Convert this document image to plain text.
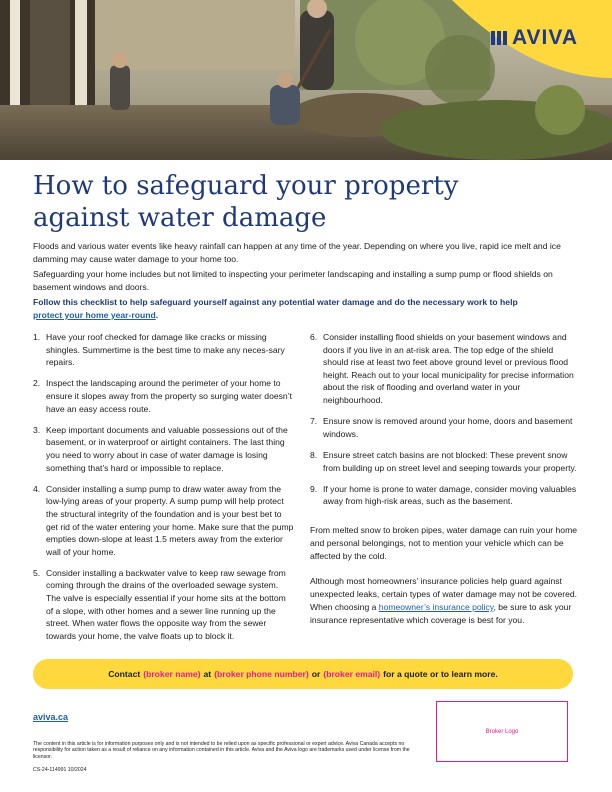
AVIVA
How to safeguard your property against water damage

Floods and various water events like heavy rainfall can happen at any time of the year. Depending on where you live, rapid ice melt and ice damming may cause water damage to your home too.

Safeguarding your home includes but not limited to inspecting your perimeter landscaping and installing a sump pump or flood shields on basement windows and doors.

Follow this checklist to help safeguard yourself against any potential water damage and do the necessary work to help
protect your home year-round.

1. Have your roof checked for damage like cracks or missing shingles. Summertime is the best time to make any neces-sary repairs.
2. Inspect the landscaping around the perimeter of your home to ensure it slopes away from the property so surging water doesn’t have an easy access route.
3. Keep important documents and valuable possessions out of the basement, or in waterproof or airtight containers. The last thing you need to worry about in case of water damage is losing something that’s hard or impossible to replace.
4. Consider installing a sump pump to draw water away from the low-lying areas of your property. A sump pump will help protect the structural integrity of the foundation and is your best bet to get rid of the water entering your home. Make sure that the pump empties down-slope at least 1.5 meters away from the exterior wall of your home.
5. Consider installing a backwater valve to keep raw sewage from coming through the drains of the overloaded sewage system. The valve is especially essential if your home sits at the bottom of a slope, with other homes and a sewer line running up the street. When water flows the opposite way from the sewer towards your home, the valve floats up to block it.
6. Consider installing flood shields on your basement windows and doors if you live in an at-risk area. The top edge of the shield should rise at least two feet above ground level or previous flood height. Reach out to your local municipality for precise information about the risk of flooding and overland water in your neighbourhood.
7. Ensure snow is removed around your home, doors and basement windows.
8. Ensure street catch basins are not blocked: These prevent snow from building up on street level and seeping towards your property.
9. If your home is prone to water damage, consider moving valuables away from high-risk areas, such as the basement.

From melted snow to broken pipes, water damage can ruin your home and personal belongings, not to mention your vehicle which can be affected by the cold.

Although most homeowners’ insurance policies help guard against unexpected leaks, certain types of water damage may not be covered. When choosing a homeowner’s insurance policy, be sure to ask your insurance representative which coverage is best for you.

Contact (broker name) at (broker phone number) or (broker email) for a quote or to learn more.
aviva.ca
Broker Logo

The content in this article is for information purposes only and is not intended to be relied upon as specific professional or expert advice. Aviva Canada accepts no responsibility for action taken as a result of reliance on any information contained in this article. Aviva and the Aviva logo are trademarks used under license from the licensor.

CS-24-114991 10/2024
